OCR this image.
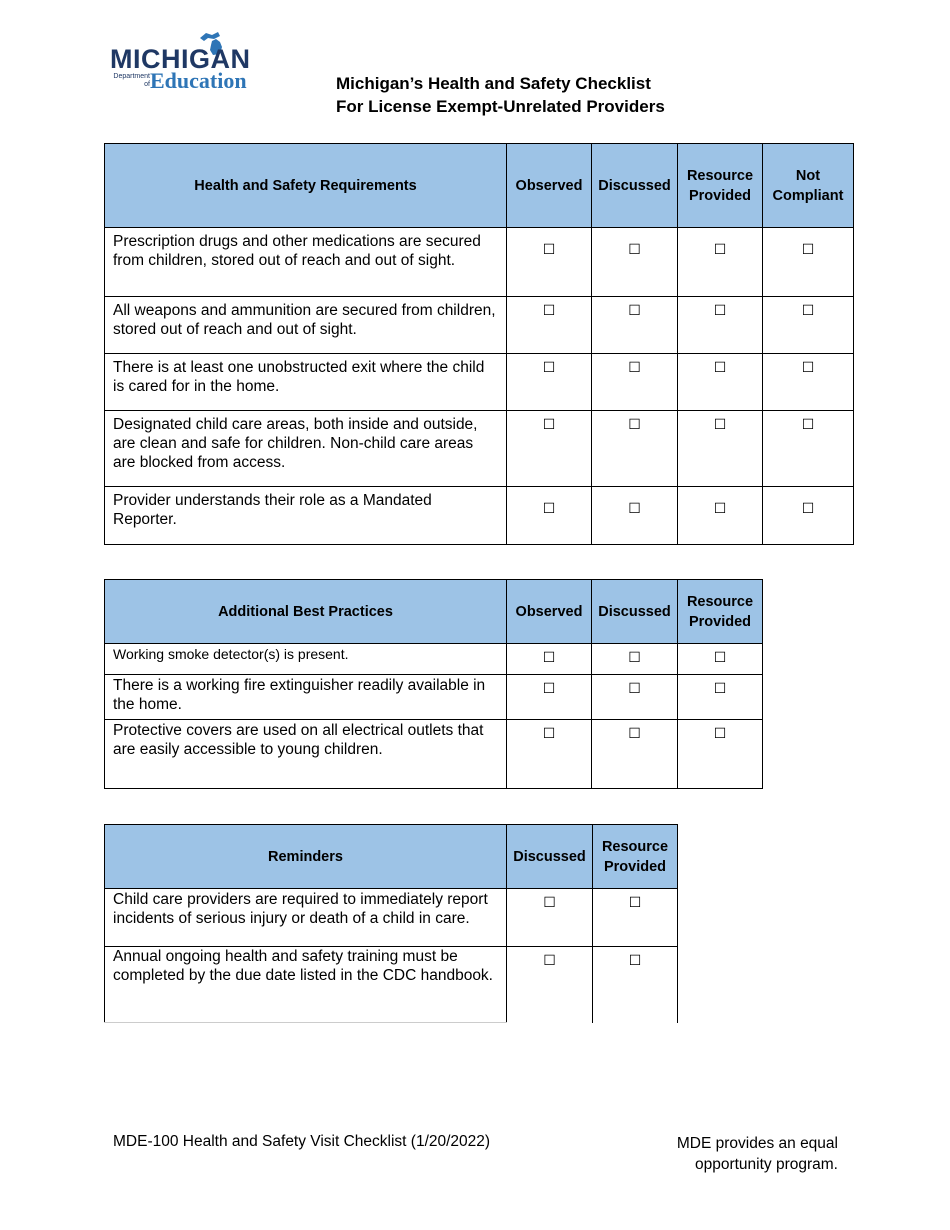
MICHIGAN
Department of Education	Michigan’s Health and Safety Checklist
For License Exempt-Unrelated Providers
Health and Safety Requirements	Observed	Discussed	Resource Provided	Not Compliant
Prescription drugs and other medications are secured from children, stored out of reach and out of sight.	☐	☐	☐	☐
All weapons and ammunition are secured from children, stored out of reach and out of sight.	☐	☐	☐	☐
There is at least one unobstructed exit where the child is cared for in the home.	☐	☐	☐	☐
Designated child care areas, both inside and outside, are clean and safe for children. Non-child care areas are blocked from access.	☐	☐	☐	☐
Provider understands their role as a Mandated Reporter.	☐	☐	☐	☐
Additional Best Practices	Observed	Discussed	Resource Provided
Working smoke detector(s) is present.	☐	☐	☐
There is a working fire extinguisher readily available in the home.	☐	☐	☐
Protective covers are used on all electrical outlets that are easily accessible to young children.	☐	☐	☐
Reminders	Discussed	Resource Provided
Child care providers are required to immediately report incidents of serious injury or death of a child in care.	☐	☐
Annual ongoing health and safety training must be completed by the due date listed in the CDC handbook.	☐	☐
MDE-100 Health and Safety Visit Checklist (1/20/2022)	MDE provides an equal opportunity program.
